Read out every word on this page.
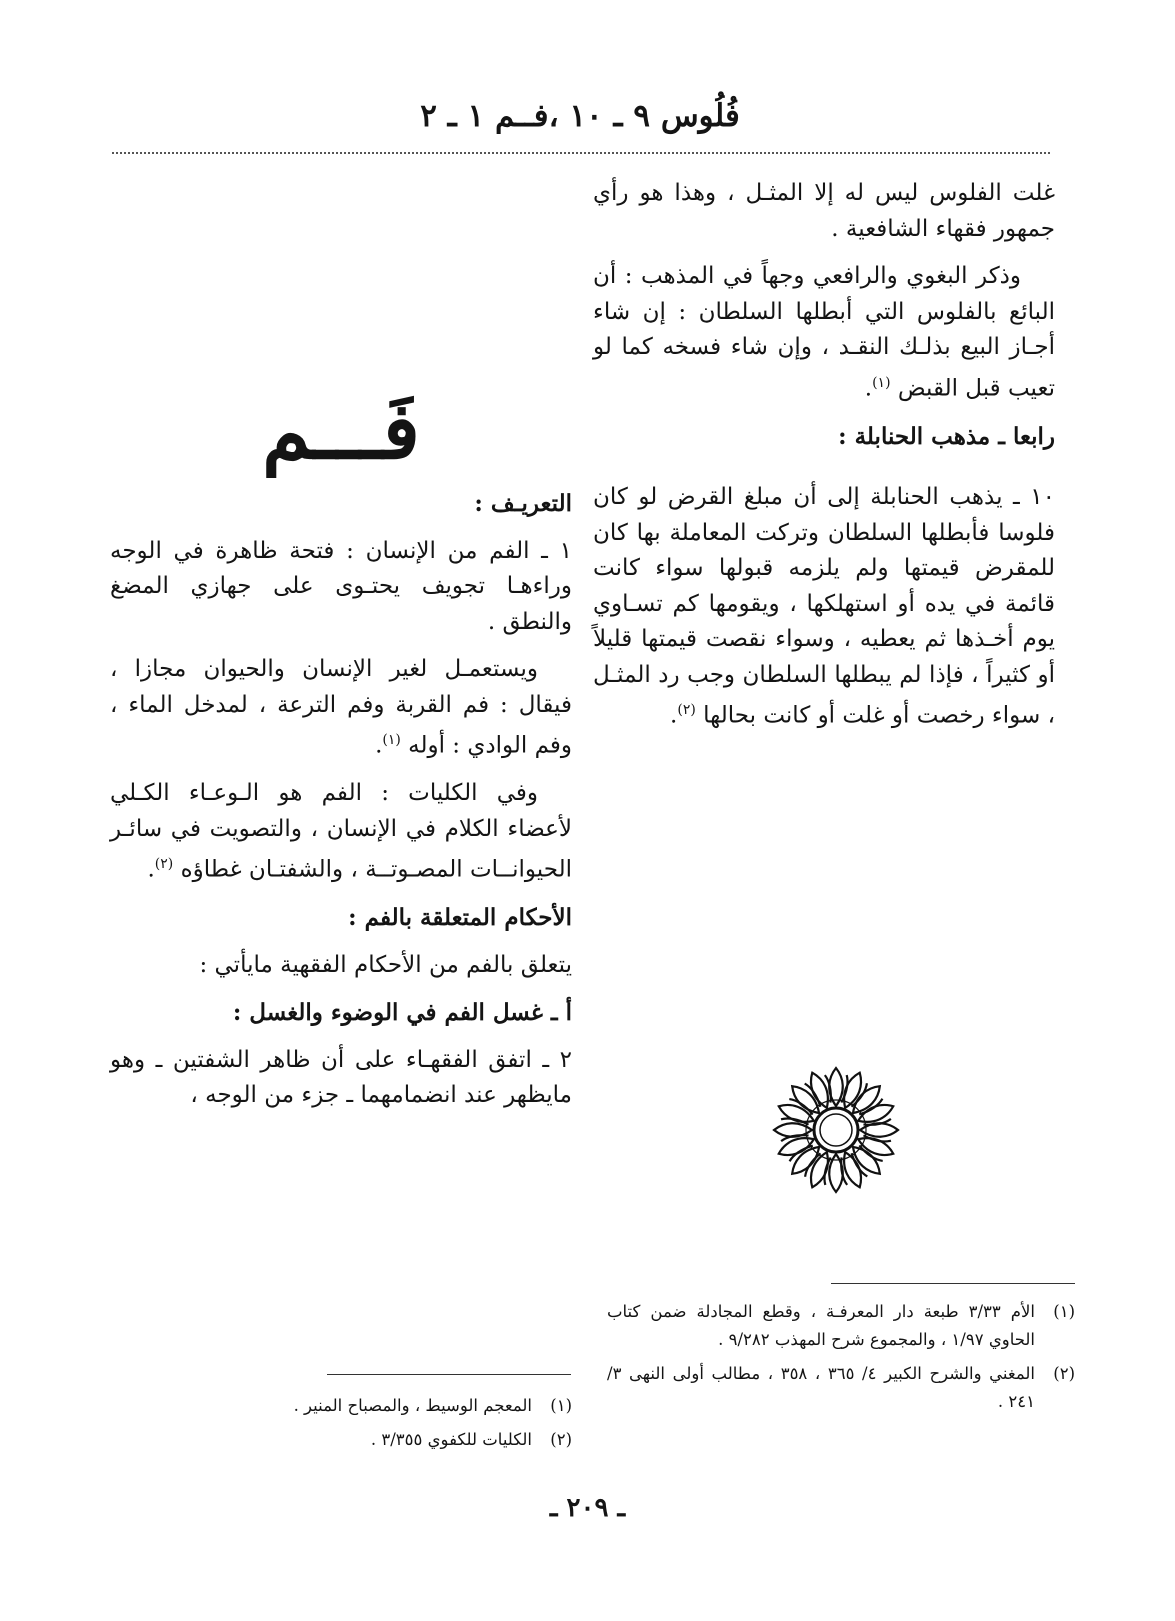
فُلُوس ٩ ـ ١٠ ،فــم ١ ـ ٢

غلت الفلوس ليس له إلا المثـل ، وهذا هو رأي جمهور فقهاء الشافعية .

وذكر البغوي والرافعي وجهاً في المذهب : أن البائع بالفلوس التي أبطلها السلطان : إن شاء أجـاز البيع بذلـك النقـد ، وإن شاء فسخه كما لو تعيب قبل القبض $^{(١)}$.

رابعا ـ مذهب الحنابلة :

١٠ ـ يذهب الحنابلة إلى أن مبلغ القرض لو كان فلوسا فأبطلها السلطان وتركت المعاملة بها كان للمقرض قيمتها ولم يلزمه قبولها سواء كانت قائمة في يده أو استهلكها ، ويقومها كم تسـاوي يوم أخـذها ثم يعطيه ، وسواء نقصت قيمتها قليلاً أو كثيراً ، فإذا لم يبطلها السلطان وجب رد المثـل ، سواء رخصت أو غلت أو كانت بحالها $^{(٢)}$.

فَـــم

التعريـف :

١ ـ الفم من الإنسان : فتحة ظاهرة في الوجه وراءهـا تجويف يحتـوى على جهازي المضغ والنطق .

ويستعمـل لغير الإنسان والحيوان مجازا ، فيقال : فم القربة وفم الترعة ، لمدخل الماء ، وفم الوادي : أوله $^{(١)}$.

وفي الكليات : الفم هو الـوعـاء الكـلي لأعضاء الكلام في الإنسان ، والتصويت في سائـر الحيوانــات المصـوتــة ، والشفتـان غطاؤه $^{(٢)}$.

الأحكام المتعلقة بالفم :

يتعلق بالفم من الأحكام الفقهية مايأتي :

أ ـ غسل الفم في الوضوء والغسل :

٢ ـ اتفق الفقهـاء على أن ظاهر الشفتين ـ وهو مايظهر عند انضمامهما ـ جزء من الوجه ،

(١)
الأم ٣/٣٣ طبعة دار المعرفـة ، وقطع المجادلة ضمن كتاب الحاوي ١/٩٧ ، والمجموع شرح المهذب ٩/٢٨٢ .

(٢)
المغني والشرح الكبير ٤/ ٣٦٥ ، ٣٥٨ ، مطالب أولى النهى ٣/ ٢٤١ .

(١)
المعجم الوسيط ، والمصباح المنير .

(٢)
الكليات للكفوي ٣/٣٥٥ .

ـ ٢٠٩ ـ
